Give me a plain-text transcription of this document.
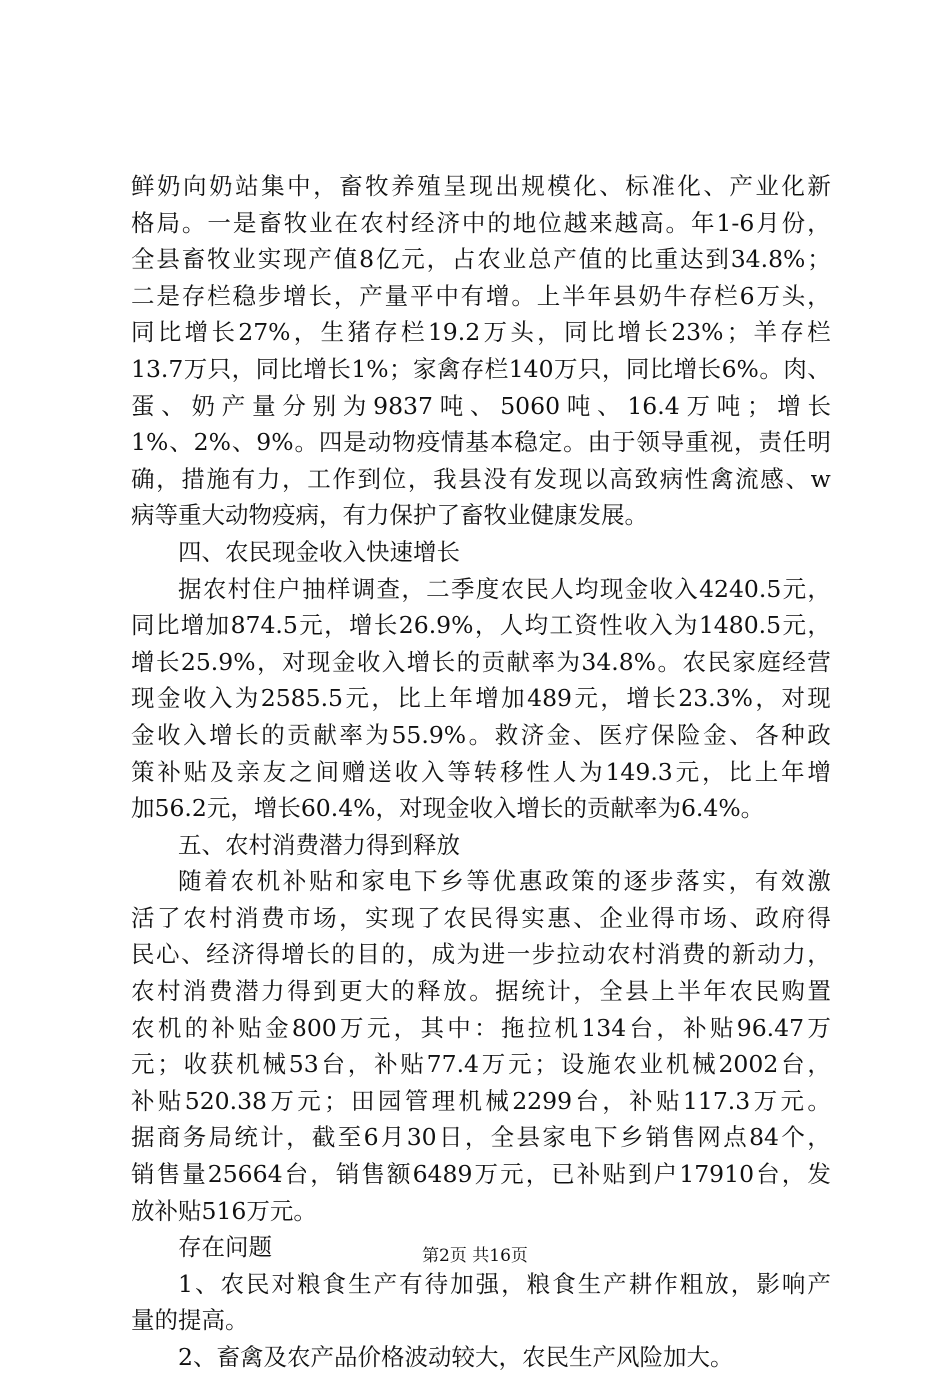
鲜 奶 向 奶 站 集 中 ， 畜 牧 养 殖 呈 现 出 规 模 化 、 标 准 化 、 产 业 化 新
格 局 。 一 是 畜 牧 业 在 农 村 经 济 中 的 地 位 越 来 越 高 。 年 1-6 月 份 ，
全 县 畜 牧 业 实 现 产 值 8 亿 元 ， 占 农 业 总 产 值 的 比 重 达 到 34.8% ；
二 是 存 栏 稳 步 增 长 ， 产 量 平 中 有 增 。 上 半 年 县 奶 牛 存 栏 6 万 头 ，
同 比 增 长 27% ， 生 猪 存 栏 19.2 万 头 ， 同 比 增 长 23% ； 羊 存 栏
13.7 万 只 ， 同 比 增 长 1% ； 家 禽 存 栏 140 万 只 ， 同 比 增 长 6% 。 肉 、
蛋 、 奶 产 量 分 别 为 9837 吨 、 5060 吨 、 16.4 万 吨 ； 增 长
1% 、 2% 、 9% 。 四 是 动 物 疫 情 基 本 稳 定 。 由 于 领 导 重 视 ， 责 任 明
确 ， 措 施 有 力 ， 工 作 到 位 ， 我 县 没 有 发 现 以 高 致 病 性 禽 流 感 、 w
病等重大动物疫病，有力保护了畜牧业健康发展。
四、农民现金收入快速增长
据 农 村 住 户 抽 样 调 查 ， 二 季 度 农 民 人 均 现 金 收 入 4240.5 元 ，
同 比 增 加 874.5 元 ， 增 长 26.9% ， 人 均 工 资 性 收 入 为 1480.5 元 ，
增 长 25.9% ， 对 现 金 收 入 增 长 的 贡 献 率 为 34.8% 。 农 民 家 庭 经 营
现 金 收 入 为 2585.5 元 ， 比 上 年 增 加 489 元 ， 增 长 23.3% ， 对 现
金 收 入 增 长 的 贡 献 率 为 55.9% 。 救 济 金 、 医 疗 保 险 金 、 各 种 政
策 补 贴 及 亲 友 之 间 赠 送 收 入 等 转 移 性 人 为 149.3 元 ， 比 上 年 增
加56.2元，增长60.4%，对现金收入增长的贡献率为6.4%。
五、农村消费潜力得到释放
随 着 农 机 补 贴 和 家 电 下 乡 等 优 惠 政 策 的 逐 步 落 实 ， 有 效 激
活 了 农 村 消 费 市 场 ， 实 现 了 农 民 得 实 惠 、 企 业 得 市 场 、 政 府 得
民 心 、 经 济 得 增 长 的 目 的 ， 成 为 进 一 步 拉 动 农 村 消 费 的 新 动 力 ，
农 村 消 费 潜 力 得 到 更 大 的 释 放 。 据 统 计 ， 全 县 上 半 年 农 民 购 置
农 机 的 补 贴 金 800 万 元 ， 其 中 ： 拖 拉 机 134 台 ， 补 贴 96.47 万
元 ； 收 获 机 械 53 台 ， 补 贴 77.4 万 元 ； 设 施 农 业 机 械 2002 台 ，
补 贴 520.38 万 元 ； 田 园 管 理 机 械 2299 台 ， 补 贴 117.3 万 元 。
据 商 务 局 统 计 ， 截 至 6 月 30 日 ， 全 县 家 电 下 乡 销 售 网 点 84 个 ，
销 售 量 25664 台 ， 销 售 额 6489 万 元 ， 已 补 贴 到 户 17910 台 ， 发
放补贴516万元。
存在问题
1 、 农 民 对 粮 食 生 产 有 待 加 强 ， 粮 食 生 产 耕 作 粗 放 ， 影 响 产
量的提高。
2、畜禽及农产品价格波动较大，农民生产风险加大。
第2页 共16页
